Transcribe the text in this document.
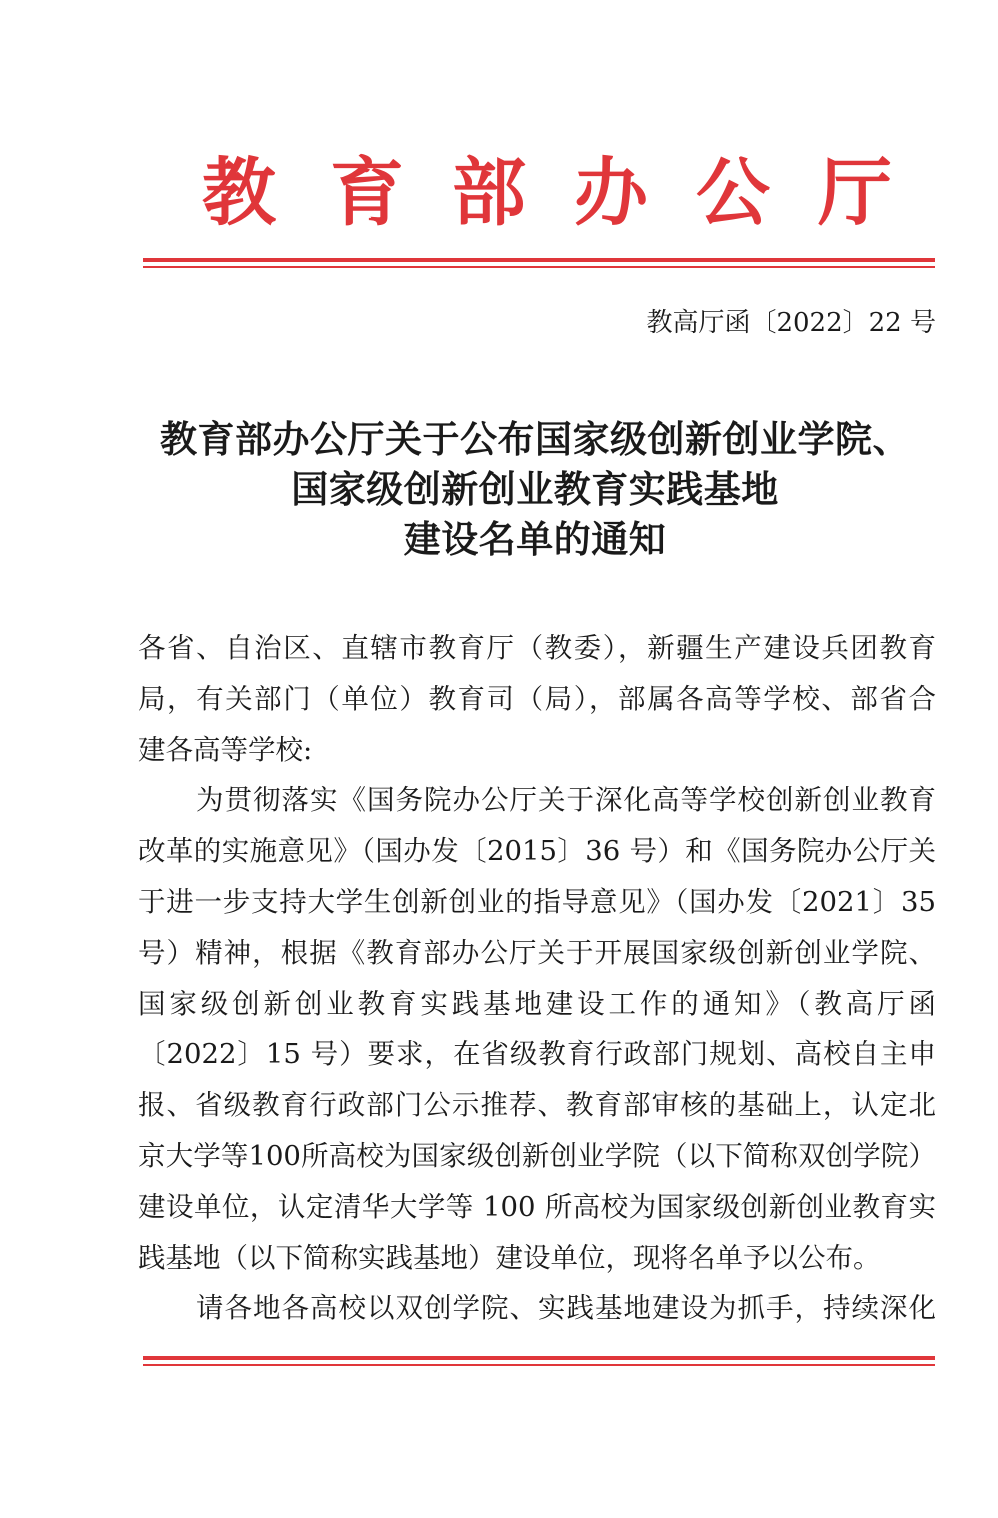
教 育 部 办 公 厅
教高厅函〔2022〕22 号
教育部办公厅关于公布国家级创新创业学院、
国家级创新创业教育实践基地
建设名单的通知
各省、自治区、直辖市教育厅（教委），新疆生产建设兵团教育
局，有关部门（单位）教育司（局），部属各高等学校、部省合
建各高等学校:
为贯彻落实《国务院办公厅关于深化高等学校创新创业教育
改革的实施意见》（国办发〔2015〕36 号）和《国务院办公厅关
于进一步支持大学生创新创业的指导意见》（国办发〔2021〕35
号）精神，根据《教育部办公厅关于开展国家级创新创业学院、
国家级创新创业教育实践基地建设工作的通知》（教高厅函
〔2022〕15 号）要求，在省级教育行政部门规划、高校自主申
报、省级教育行政部门公示推荐、教育部审核的基础上，认定北
京大学等100所高校为国家级创新创业学院（以下简称双创学院）
建设单位，认定清华大学等 100 所高校为国家级创新创业教育实
践基地（以下简称实践基地）建设单位，现将名单予以公布。
请各地各高校以双创学院、实践基地建设为抓手，持续深化
